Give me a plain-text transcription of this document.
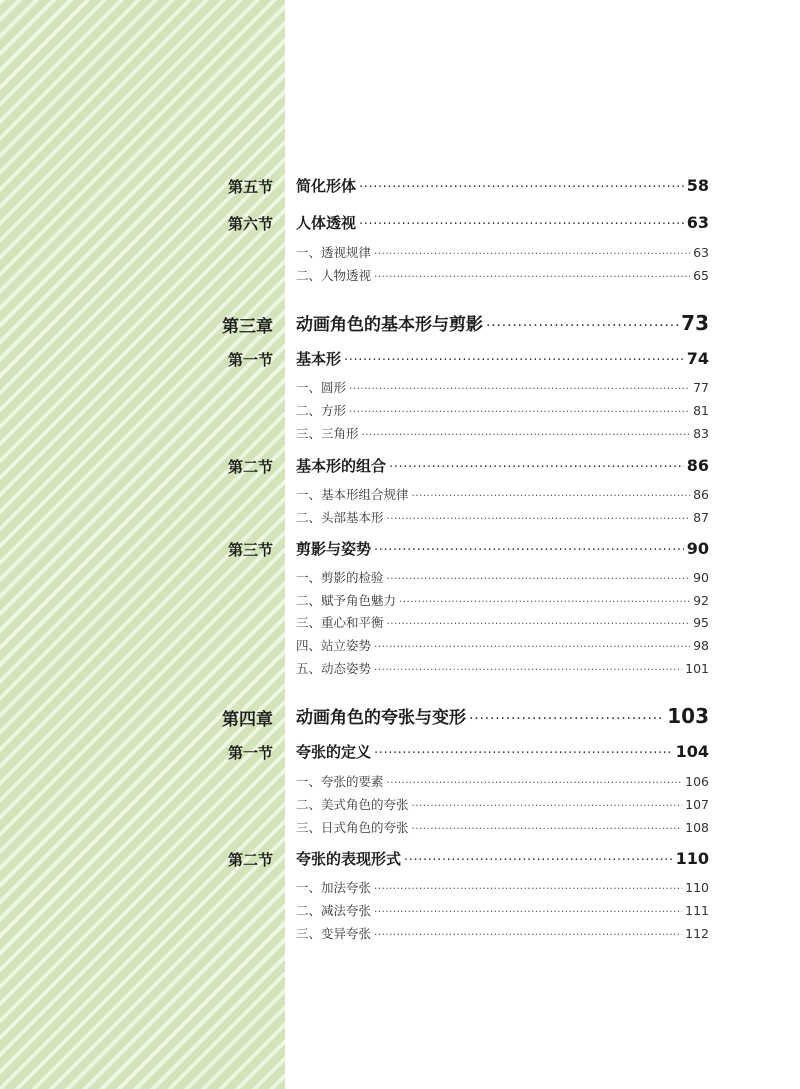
第五节 简化形体 ·····	58
第六节 人体透视 ·····	63
一、透视规律 ·····	63
二、人物透视 ·····	65
第三章 动画角色的基本形与剪影 ·····	73
第一节 基本形 ·····	74
一、圆形 ·····	77
二、方形 ·····	81
三、三角形 ·····	83
第二节 基本形的组合 ·····	86
一、基本形组合规律 ·····	86
二、头部基本形 ·····	87
第三节 剪影与姿势 ·····	90
一、剪影的检验 ·····	90
二、赋予角色魅力 ·····	92
三、重心和平衡 ·····	95
四、站立姿势 ·····	98
五、动态姿势 ·····	101
第四章 动画角色的夸张与变形 ·····	103
第一节 夸张的定义 ·····	104
一、夸张的要素 ·····	106
二、美式角色的夸张 ·····	107
三、日式角色的夸张 ·····	108
第二节 夸张的表现形式 ·····	110
一、加法夸张 ·····	110
二、减法夸张 ·····	111
三、变异夸张 ·····	112
